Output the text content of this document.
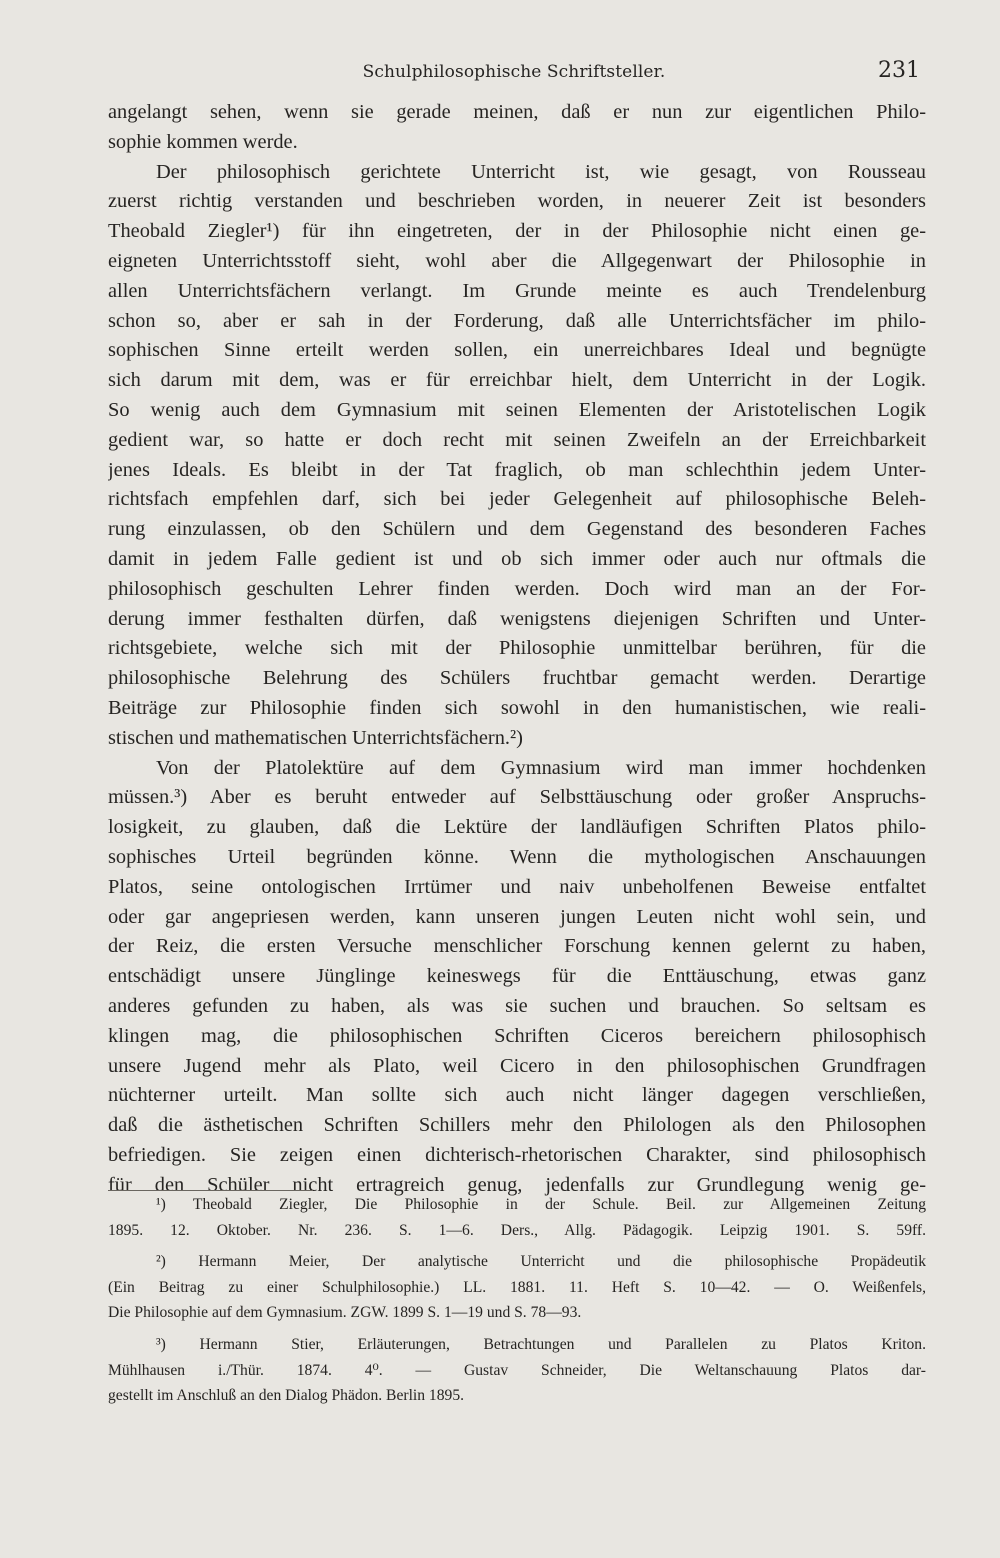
Schulphilosophische Schriftsteller.	231
angelangt sehen, wenn sie gerade meinen, daß er nun zur eigentlichen Philo-
sophie kommen werde.
Der philosophisch gerichtete Unterricht ist, wie gesagt, von Rousseau
zuerst richtig verstanden und beschrieben worden, in neuerer Zeit ist besonders
Theobald Ziegler¹) für ihn eingetreten, der in der Philosophie nicht einen ge-
eigneten Unterrichtsstoff sieht, wohl aber die Allgegenwart der Philosophie in
allen Unterrichtsfächern verlangt. Im Grunde meinte es auch Trendelenburg
schon so, aber er sah in der Forderung, daß alle Unterrichtsfächer im philo-
sophischen Sinne erteilt werden sollen, ein unerreichbares Ideal und begnügte
sich darum mit dem, was er für erreichbar hielt, dem Unterricht in der Logik.
So wenig auch dem Gymnasium mit seinen Elementen der Aristotelischen Logik
gedient war, so hatte er doch recht mit seinen Zweifeln an der Erreichbarkeit
jenes Ideals. Es bleibt in der Tat fraglich, ob man schlechthin jedem Unter-
richtsfach empfehlen darf, sich bei jeder Gelegenheit auf philosophische Beleh-
rung einzulassen, ob den Schülern und dem Gegenstand des besonderen Faches
damit in jedem Falle gedient ist und ob sich immer oder auch nur oftmals die
philosophisch geschulten Lehrer finden werden. Doch wird man an der For-
derung immer festhalten dürfen, daß wenigstens diejenigen Schriften und Unter-
richtsgebiete, welche sich mit der Philosophie unmittelbar berühren, für die
philosophische Belehrung des Schülers fruchtbar gemacht werden. Derartige
Beiträge zur Philosophie finden sich sowohl in den humanistischen, wie reali-
stischen und mathematischen Unterrichtsfächern.²)
Von der Platolektüre auf dem Gymnasium wird man immer hochdenken
müssen.³) Aber es beruht entweder auf Selbsttäuschung oder großer Anspruchs-
losigkeit, zu glauben, daß die Lektüre der landläufigen Schriften Platos philo-
sophisches Urteil begründen könne. Wenn die mythologischen Anschauungen
Platos, seine ontologischen Irrtümer und naiv unbeholfenen Beweise entfaltet
oder gar angepriesen werden, kann unseren jungen Leuten nicht wohl sein, und
der Reiz, die ersten Versuche menschlicher Forschung kennen gelernt zu haben,
entschädigt unsere Jünglinge keineswegs für die Enttäuschung, etwas ganz
anderes gefunden zu haben, als was sie suchen und brauchen. So seltsam es
klingen mag, die philosophischen Schriften Ciceros bereichern philosophisch
unsere Jugend mehr als Plato, weil Cicero in den philosophischen Grundfragen
nüchterner urteilt. Man sollte sich auch nicht länger dagegen verschließen,
daß die ästhetischen Schriften Schillers mehr den Philologen als den Philosophen
befriedigen. Sie zeigen einen dichterisch-rhetorischen Charakter, sind philosophisch
für den Schüler nicht ertragreich genug, jedenfalls zur Grundlegung wenig ge-
¹) Theobald Ziegler, Die Philosophie in der Schule. Beil. zur Allgemeinen Zeitung
1895. 12. Oktober. Nr. 236. S. 1—6. Ders., Allg. Pädagogik. Leipzig 1901. S. 59ff.
²) Hermann Meier, Der analytische Unterricht und die philosophische Propädeutik
(Ein Beitrag zu einer Schulphilosophie.) LL. 1881. 11. Heft S. 10—42. — O. Weißenfels,
Die Philosophie auf dem Gymnasium. ZGW. 1899 S. 1—19 und S. 78—93.
³) Hermann Stier, Erläuterungen, Betrachtungen und Parallelen zu Platos Kriton.
Mühlhausen i./Thür. 1874. 4⁰. — Gustav Schneider, Die Weltanschauung Platos dar-
gestellt im Anschluß an den Dialog Phädon. Berlin 1895.
